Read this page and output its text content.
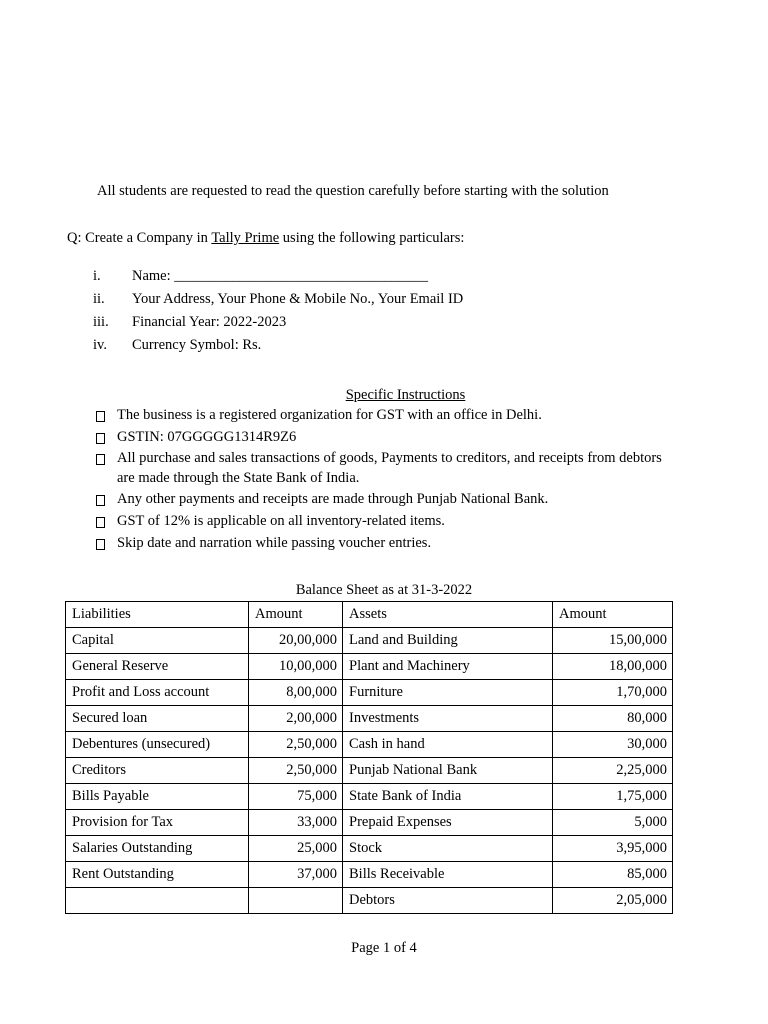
All students are requested to read the question carefully before starting with the solution
Q: Create a Company in Tally Prime using the following particulars:
i. Name: ___________________________________
ii. Your Address, Your Phone & Mobile No., Your Email ID
iii. Financial Year: 2022-2023
iv. Currency Symbol: Rs.
Specific Instructions
The business is a registered organization for GST with an office in Delhi.
GSTIN: 07GGGGG1314R9Z6
All purchase and sales transactions of goods, Payments to creditors, and receipts from debtors
are made through the State Bank of India.
Any other payments and receipts are made through Punjab National Bank.
GST of 12% is applicable on all inventory-related items.
Skip date and narration while passing voucher entries.
Balance Sheet as at 31-3-2022
Liabilities	Amount	Assets	Amount
Capital	20,00,000	Land and Building	15,00,000
General Reserve	10,00,000	Plant and Machinery	18,00,000
Profit and Loss account	8,00,000	Furniture	1,70,000
Secured loan	2,00,000	Investments	80,000
Debentures (unsecured)	2,50,000	Cash in hand	30,000
Creditors	2,50,000	Punjab National Bank	2,25,000
Bills Payable	75,000	State Bank of India	1,75,000
Provision for Tax	33,000	Prepaid Expenses	5,000
Salaries Outstanding	25,000	Stock	3,95,000
Rent Outstanding	37,000	Bills Receivable	85,000
		Debtors	2,05,000
Page 1 of 4
